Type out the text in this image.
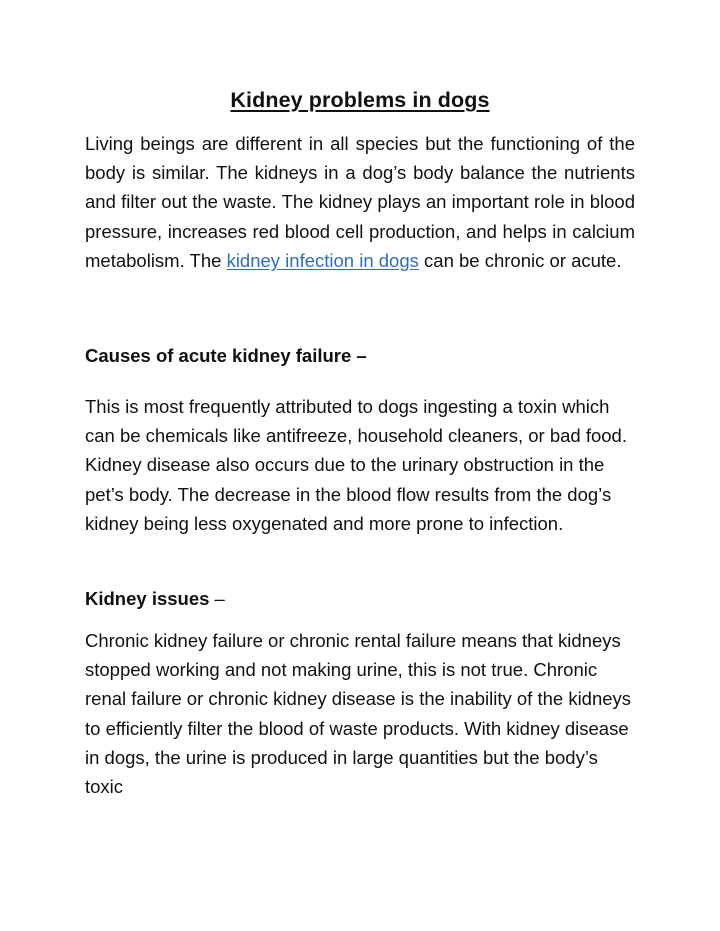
Kidney problems in dogs

Living beings are different in all species but the functioning of the body is similar. The kidneys in a dog’s body balance the nutrients and filter out the waste. The kidney plays an important role in blood pressure, increases red blood cell production, and helps in calcium metabolism. The kidney infection in dogs can be chronic or acute.

Causes of acute kidney failure –

This is most frequently attributed to dogs ingesting a toxin which can be chemicals like antifreeze, household cleaners, or bad food. Kidney disease also occurs due to the urinary obstruction in the pet’s body. The decrease in the blood flow results from the dog’s kidney being less oxygenated and more prone to infection.

Kidney issues –

Chronic kidney failure or chronic rental failure means that kidneys stopped working and not making urine, this is not true. Chronic renal failure or chronic kidney disease is the inability of the kidneys to efficiently filter the blood of waste products. With kidney disease in dogs, the urine is produced in large quantities but the body’s toxic
